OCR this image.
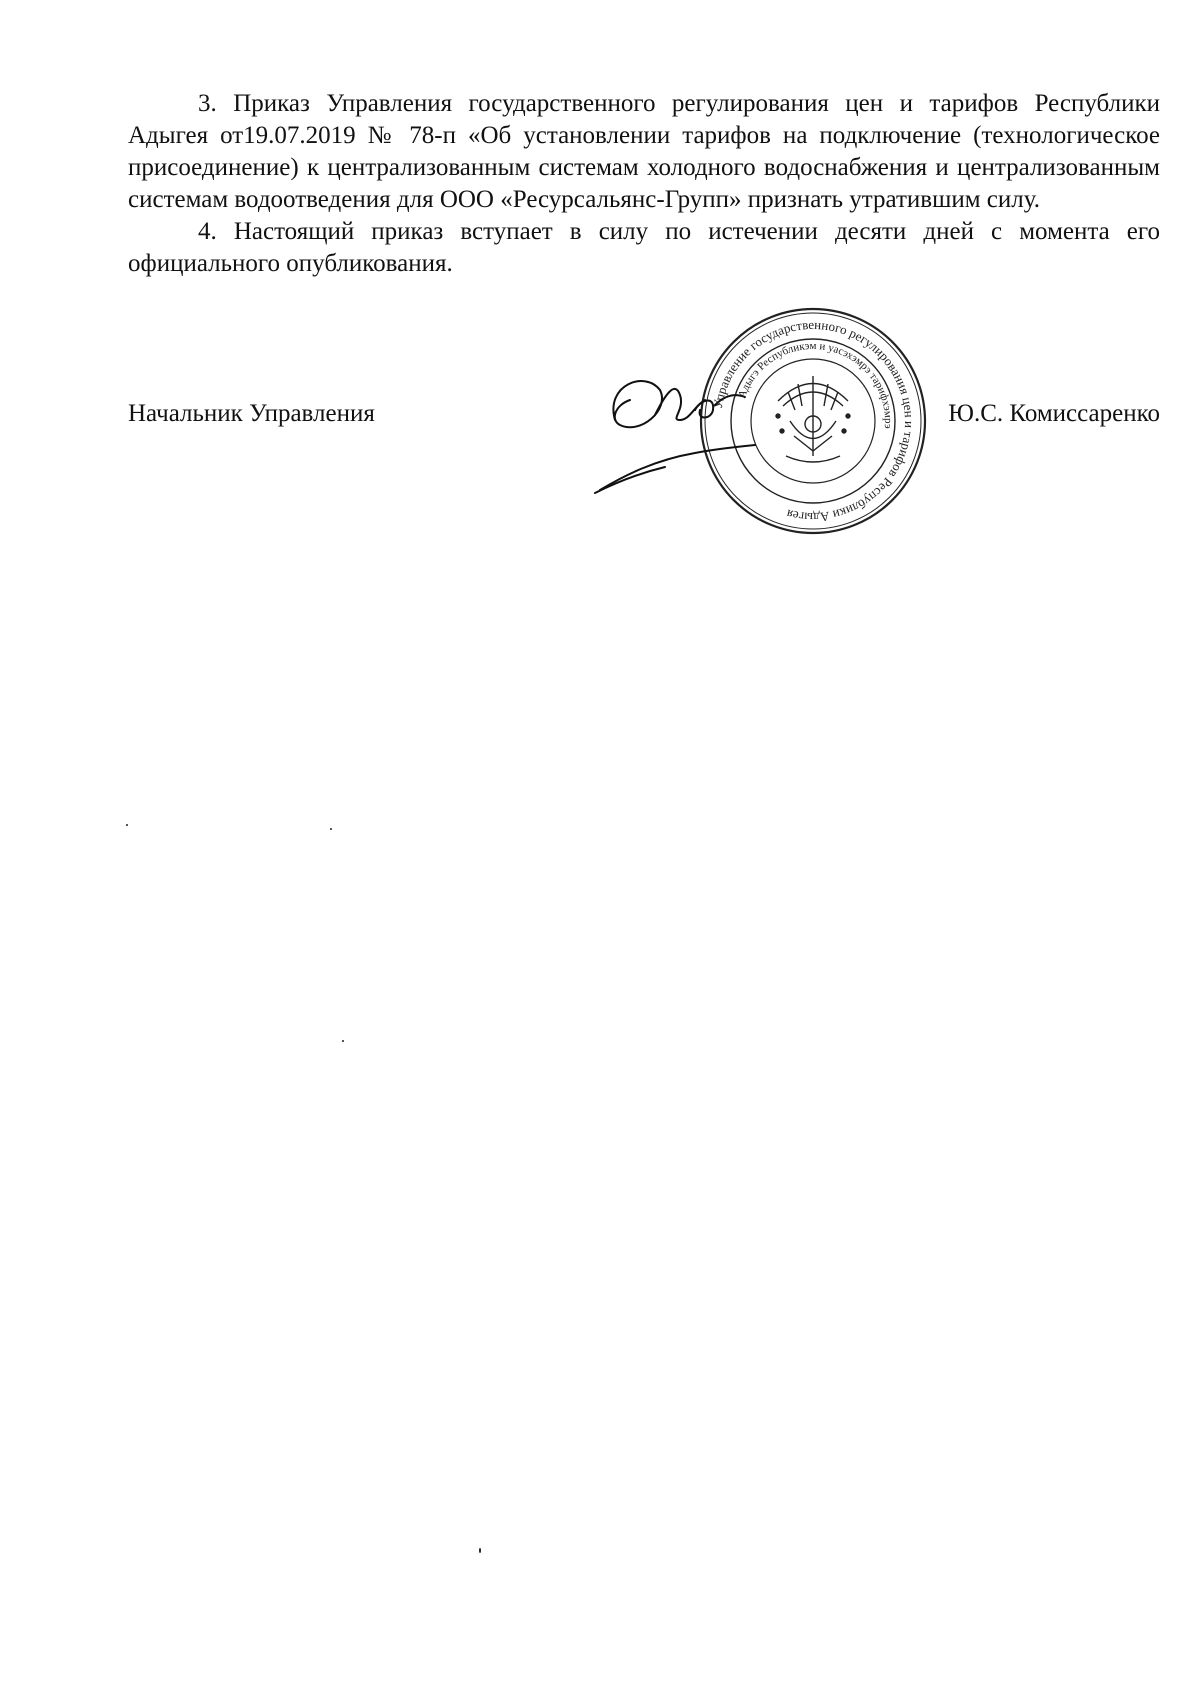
3. Приказ Управления государственного регулирования цен и тарифов Республики Адыгея от19.07.2019 № 78-п «Об установлении тарифов на подключение (технологическое присоединение) к централизованным системам холодного водоснабжения и централизованным системам водоотведения для ООО «Ресурсальянс-Групп» признать утратившим силу.

4. Настоящий приказ вступает в силу по истечении десяти дней с момента его официального опубликования.

Управление государственного регулирования цен и тарифов Республики Адыгея
Адыгэ Республикэм и уасэхэмрэ тарифхэмрэ
Начальник Управления	Ю.С. Комиссаренко
